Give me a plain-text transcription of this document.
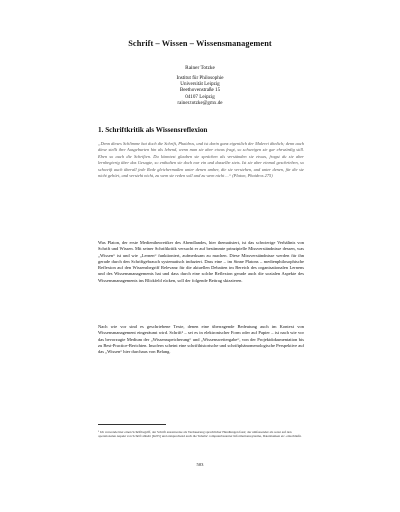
Schrift – Wissen – Wissensmanagement
Rainer Totzke
Institut für Philosophie
Universität Leipzig
Beethovenstraße 15
04107 Leipzig
rainer.totzke@gmx.de
1. Schriftkritik als Wissensreflexion
„Denn dieses Schlimme hat doch die Schrift, Phaidros, und ist darin ganz eigentlich der Malerei ähnlich; denn auch diese stellt ihre Ausgeburten hin als lebend, wenn man sie aber etwas fragt, so schweigen sie gar ehrwürdig still. Eben so auch die Schriften. Du könntest glauben sie sprächen als verständen sie etwas, fragst du sie aber lernbegierig über das Gesagte, so enthalten sie doch nur ein und dasselbe stets. Ist sie aber einmal geschrieben, so schweift auch überall jede Rede gleichermaßen unter denen umher, die sie verstehen, und unter denen, für die sie nicht gehört, und versteht nicht, zu wem sie reden soll und zu wem nicht ...“ (Platon, Phaidros 275)
Was Platon, der erste Medientheoretiker des Abendlandes, hier thematisiert, ist das schwierige Verhältnis von Schrift und Wissen. Mit seiner Schriftkritik versucht er auf bestimmte prinzipielle Missverständnisse dessen, was „Wissen“ ist und wie „Lernen“ funktioniert, aufmerksam zu machen. Diese Missverständnisse werden für ihn gerade durch den Schriftgebrauch systematisch induziert. Dass eine – im Sinne Platons – medienphilosophische Reflexion auf den Wissensbegriff Relevanz für die aktuellen Debatten im Bereich des organisationalen Lernens und des Wissensmanagements hat und dass durch eine solche Reflexion gerade auch die sozialen Aspekte des Wissensmanagements ins Blickfeld rücken, soll der folgende Beitrag skizzieren.
Nach wie vor sind es geschriebene Texte, denen eine überragende Bedeutung auch im Kontext von Wissensmanagement eingeräumt wird. Schrift¹ – sei es in elektronischer Form oder auf Papier – ist nach wie vor das bevorzugte Medium der „Wissensspeicherung“ und „Wissensweitergabe“, von der Projektdokumentation bis zu Best-Practice-Berichten. Insofern scheint eine schrifthistorische und schriftphänomenologische Perspektive auf das „Wissen“ hier durchaus von Belang.
¹ Ich verwende hier einen Schriftbegriff, der Schrift ansatzweise als Verdauerung sprachlicher Handlungen fasst; der umfassender als sonst auf den operationalen Aspekt von Schrift abhebt [Kr05] und entsprechend auch die 'Inhalte' computerbasierter Informationssysteme, Datenbanken etc. einschließt.
503
